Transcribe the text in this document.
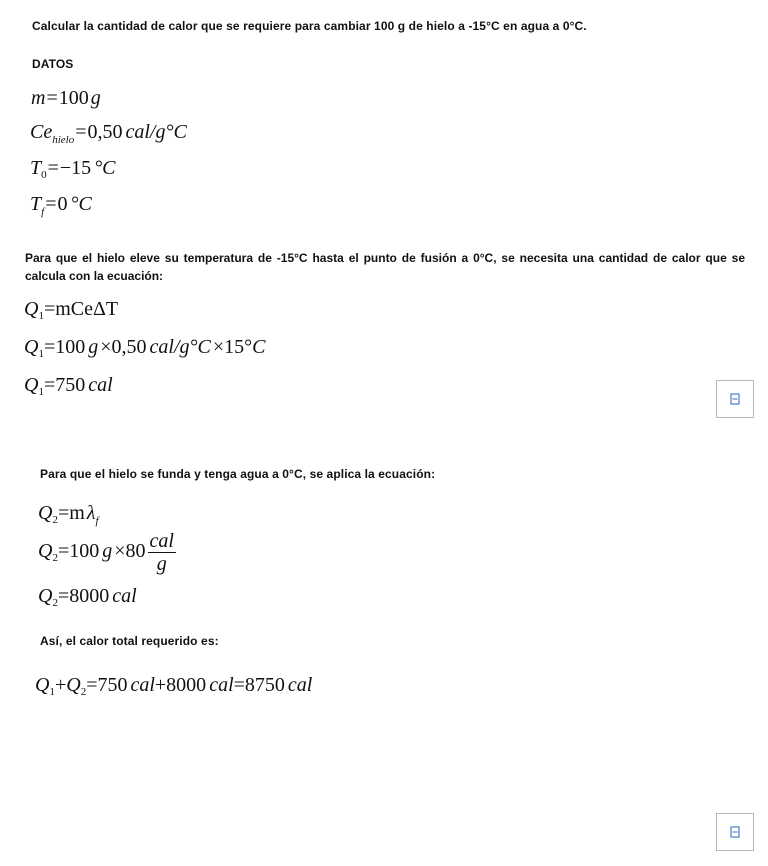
Calcular la cantidad de calor que se requiere para cambiar 100 g de hielo a -15°C en agua a 0°C.
DATOS
m=100 g
$Ce_{hielo}=0,50$ cal/g°C
$T_0=-15$ °C
$T_f=0$ °C
Para que el hielo eleve su temperatura de -15°C hasta el punto de fusión a 0°C, se necesita una cantidad de calor que se calcula con la ecuación:
$Q_1=mCe\Delta T$
$Q_1=100$ g ×0,50 cal/g°C ×15°C
$Q_1=750$ cal
Para que el hielo se funda y tenga agua a 0°C, se aplica la ecuación:
$Q_2=m$ $\lambda_f$
$Q_2=100$ $g \times 80 \frac{\text{cal}}{g}$
$Q_2=8000$ cal
Así, el calor total requerido es:
$Q_1+Q_2=750$ cal+8000 cal=8750 cal
